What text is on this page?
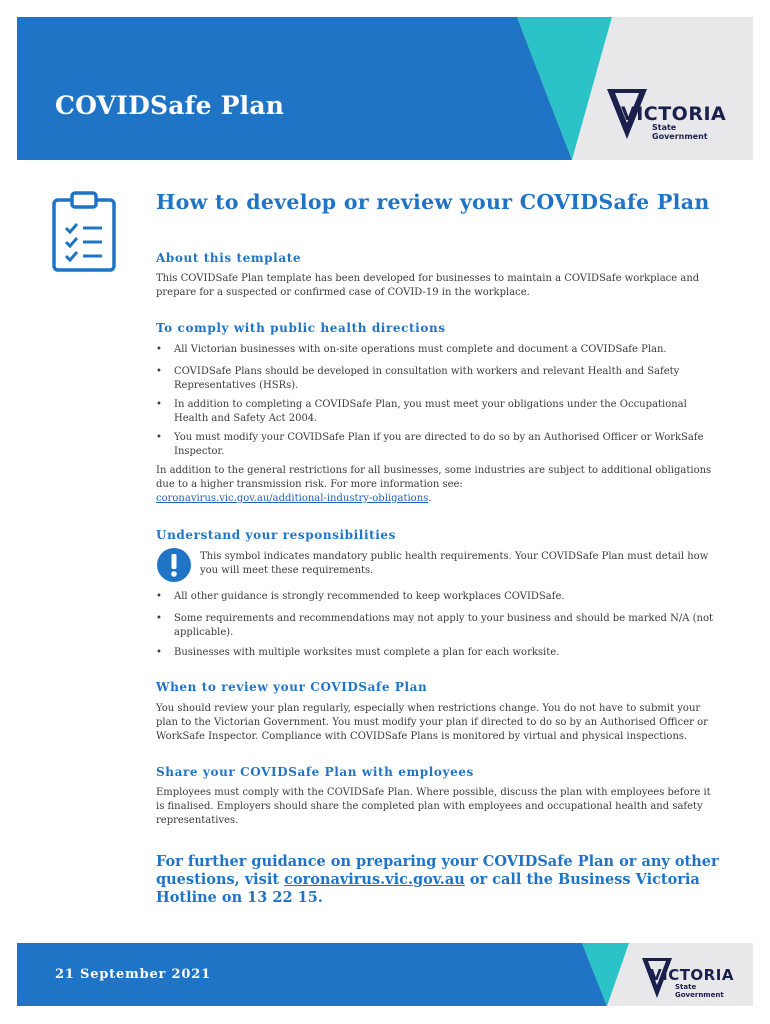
COVIDSafe Plan	VICTORIA
State
Government
How to develop or review your COVIDSafe Plan
About this template
This COVIDSafe Plan template has been developed for businesses to maintain a COVIDSafe workplace and prepare for a suspected or confirmed case of COVID-19 in the workplace.
To comply with public health directions
•	All Victorian businesses with on-site operations must complete and document a COVIDSafe Plan.
•	COVIDSafe Plans should be developed in consultation with workers and relevant Health and Safety Representatives (HSRs).
•	In addition to completing a COVIDSafe Plan, you must meet your obligations under the Occupational Health and Safety Act 2004.
•	You must modify your COVIDSafe Plan if you are directed to do so by an Authorised Officer or WorkSafe Inspector.
In addition to the general restrictions for all businesses, some industries are subject to additional obligations due to a higher transmission risk. For more information see:
coronavirus.vic.gov.au/additional-industry-obligations.
Understand your responsibilities
This symbol indicates mandatory public health requirements. Your COVIDSafe Plan must detail how you will meet these requirements.
•	All other guidance is strongly recommended to keep workplaces COVIDSafe.
•	Some requirements and recommendations may not apply to your business and should be marked N/A (not applicable).
•	Businesses with multiple worksites must complete a plan for each worksite.
When to review your COVIDSafe Plan
You should review your plan regularly, especially when restrictions change. You do not have to submit your plan to the Victorian Government. You must modify your plan if directed to do so by an Authorised Officer or WorkSafe Inspector. Compliance with COVIDSafe Plans is monitored by virtual and physical inspections.
Share your COVIDSafe Plan with employees
Employees must comply with the COVIDSafe Plan. Where possible, discuss the plan with employees before it is finalised. Employers should share the completed plan with employees and occupational health and safety representatives.
For further guidance on preparing your COVIDSafe Plan or any other questions, visit coronavirus.vic.gov.au or call the Business Victoria Hotline on 13 22 15.
21 September 2021	VICTORIA
State
Government
